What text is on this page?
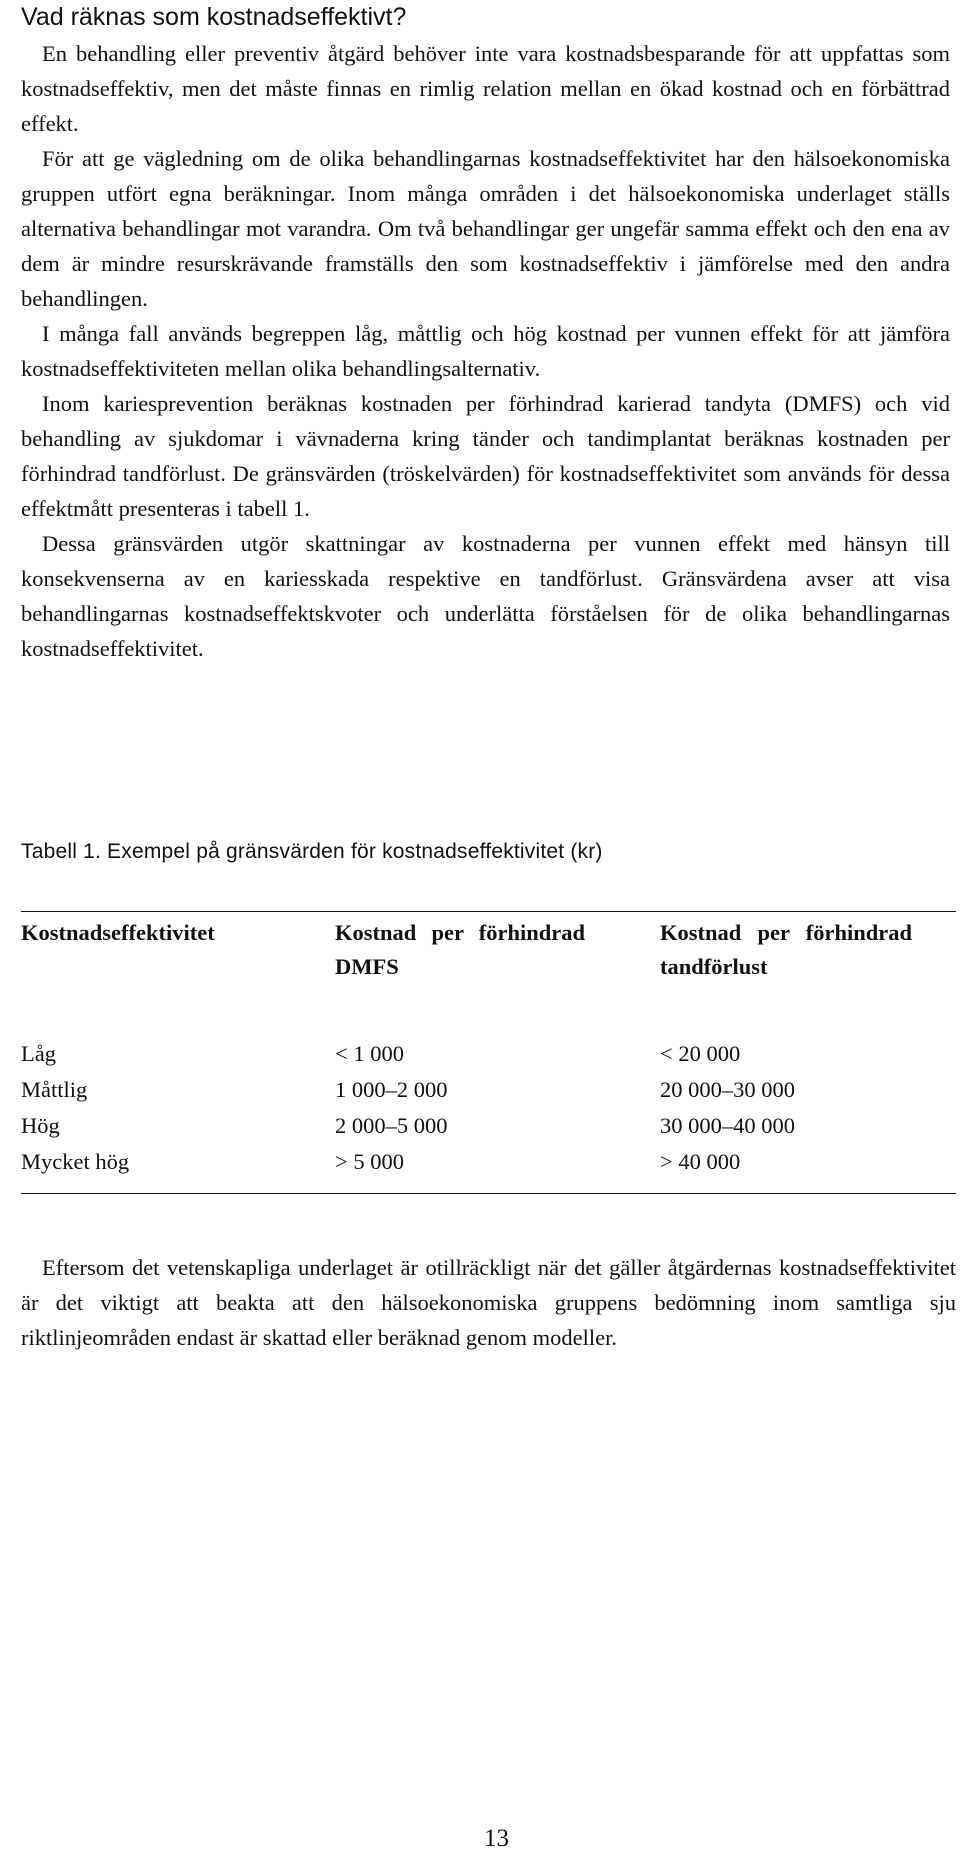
Vad räknas som kostnadseffektivt?

En behandling eller preventiv åtgärd behöver inte vara kostnadsbesparande för att uppfattas som kostnadseffektiv, men det måste finnas en rimlig relation mellan en ökad kostnad och en förbättrad effekt.

För att ge vägledning om de olika behandlingarnas kostnadseffektivitet har den hälsoekonomiska gruppen utfört egna beräkningar. Inom många områden i det hälsoekonomiska underlaget ställs alternativa behandlingar mot varandra. Om två behandlingar ger ungefär samma effekt och den ena av dem är mindre resurskrävande framställs den som kostnadseffektiv i jämförelse med den andra behandlingen.

I många fall används begreppen låg, måttlig och hög kostnad per vunnen effekt för att jämföra kostnadseffektiviteten mellan olika behandlingsalternativ.

Inom kariesprevention beräknas kostnaden per förhindrad karierad tandyta (DMFS) och vid behandling av sjukdomar i vävnaderna kring tänder och tandimplantat beräknas kostnaden per förhindrad tandförlust. De gränsvärden (tröskelvärden) för kostnadseffektivitet som används för dessa effektmått presenteras i tabell 1.

Dessa gränsvärden utgör skattningar av kostnaderna per vunnen effekt med hänsyn till konsekvenserna av en kariesskada respektive en tandförlust. Gränsvärdena avser att visa behandlingarnas kostnadseffektskvoter och underlätta förståelsen för de olika behandlingarnas kostnadseffektivitet.

Tabell 1. Exempel på gränsvärden för kostnadseffektivitet (kr)
Kostnadseffektivitet	Kostnad per förhindrad DMFS	Kostnad per förhindrad tandförlust

Låg	< 1 000	< 20 000
Måttlig	1 000–2 000	20 000–30 000
Hög	2 000–5 000	30 000–40 000
Mycket hög	> 5 000	> 40 000

Eftersom det vetenskapliga underlaget är otillräckligt när det gäller åtgärdernas kostnadseffektivitet är det viktigt att beakta att den hälsoekonomiska gruppens bedömning inom samtliga sju riktlinjeområden endast är skattad eller beräknad genom modeller.

13
